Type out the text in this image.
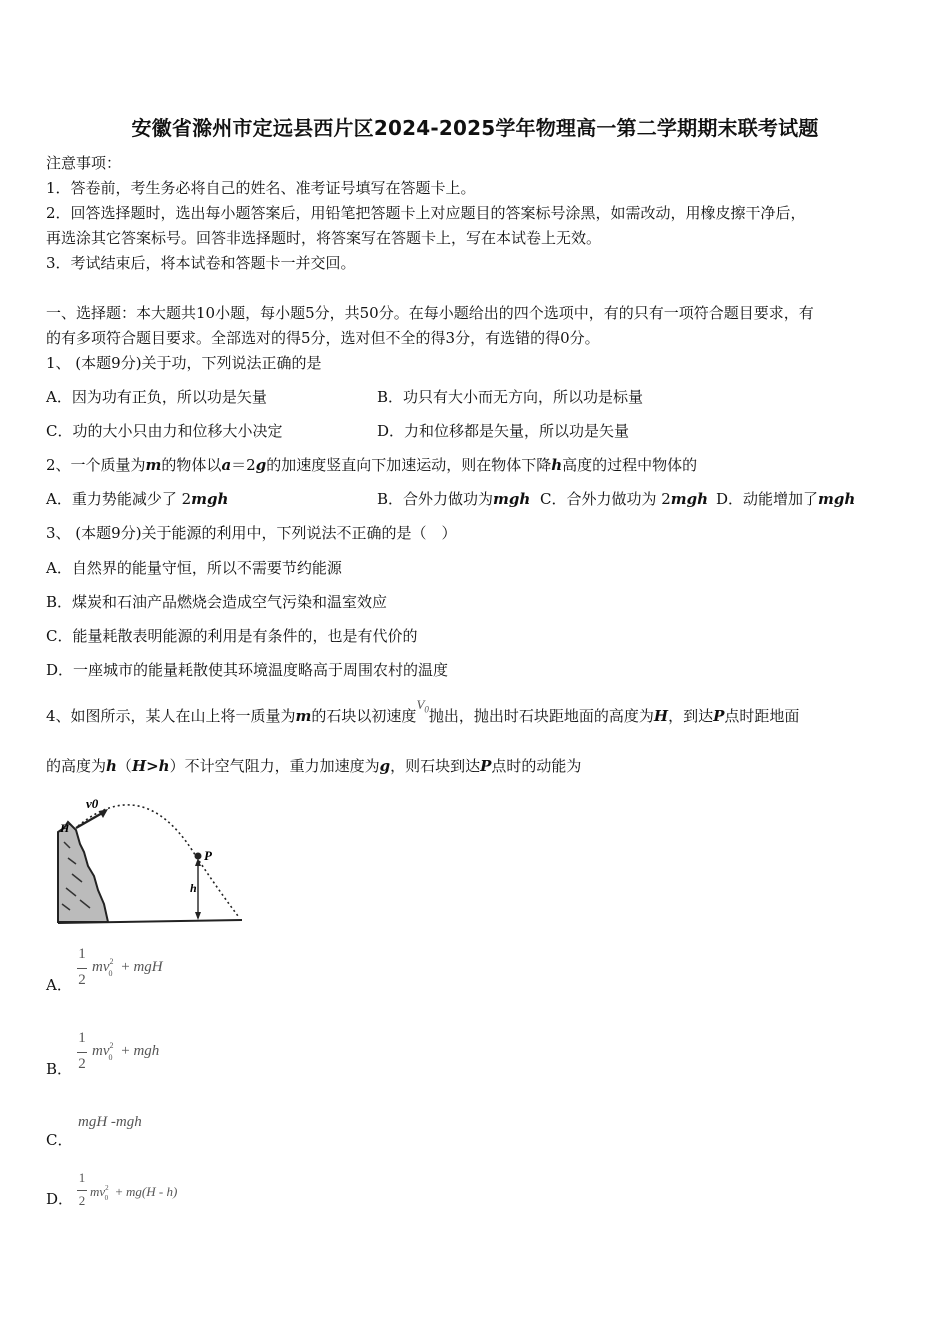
安徽省滁州市定远县西片区2024-2025学年物理高一第二学期期末联考试题
注意事项：
1．答卷前，考生务必将自己的姓名、准考证号填写在答题卡上。
2．回答选择题时，选出每小题答案后，用铅笔把答题卡上对应题目的答案标号涂黑，如需改动，用橡皮擦干净后，
再选涂其它答案标号。回答非选择题时，将答案写在答题卡上，写在本试卷上无效。
3．考试结束后，将本试卷和答题卡一并交回。
一、选择题：本大题共10小题，每小题5分，共50分。在每小题给出的四个选项中，有的只有一项符合题目要求，有
的有多项符合题目要求。全部选对的得5分，选对但不全的得3分，有选错的得0分。
1、 (本题9分)关于功，下列说法正确的是
A．因为功有正负，所以功是矢量	B．功只有大小而无方向，所以功是标量
C．功的大小只由力和位移大小决定	D．力和位移都是矢量，所以功是矢量
2、一个质量为m的物体以a＝2g的加速度竖直向下加速运动，则在物体下降h高度的过程中物体的
A．重力势能减少了 2mgh	B．合外力做功为mgh C．合外力做功为 2mgh D．动能增加了mgh
3、 (本题9分)关于能源的利用中，下列说法不正确的是（　）
A．自然界的能量守恒，所以不需要节约能源
B．煤炭和石油产品燃烧会造成空气污染和温室效应
C．能量耗散表明能源的利用是有条件的，也是有代价的
D．一座城市的能量耗散使其环境温度略高于周围农村的温度
4、如图所示，某人在山上将一质量为m的石块以初速度$V_0$抛出，抛出时石块距地面的高度为H，到达P点时距地面
的高度为h（H>h）不计空气阻力，重力加速度为g，则石块到达P点时的动能为
v0
H
P
h
A．
1
2
$mv^2_0$ + mgH
B．
1
2
$mv^2_0$ + mgh
C．
mgH -mgh
D．
1
2
$mv^2_0 + mg(H - h)$
